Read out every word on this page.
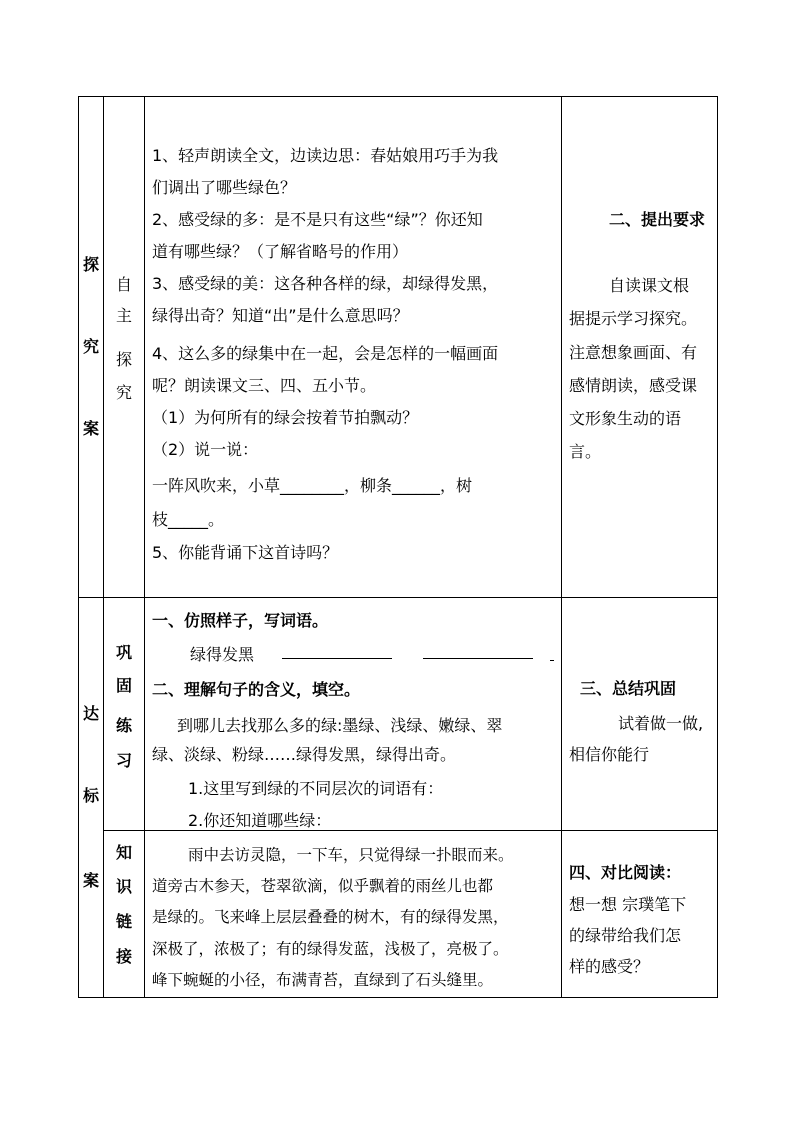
探
究
案
自
主
探
究
1、轻声朗读全文，边读边思：春姑娘用巧手为我
们调出了哪些绿色？
2、感受绿的多：是不是只有这些“绿”？你还知
道有哪些绿？（了解省略号的作用）
3、感受绿的美：这各种各样的绿，却绿得发黑，
绿得出奇？知道“出”是什么意思吗？
4、这么多的绿集中在一起，会是怎样的一幅画面
呢？朗读课文三、四、五小节。
（1）为何所有的绿会按着节拍飘动？
（2）说一说：
一阵风吹来，小草________，柳条______，树
枝_____。
5、你能背诵下这首诗吗？
二、提出要求
自读课文根
据提示学习探究。
注意想象画面、有
感情朗读，感受课
文形象生动的语
言。
达
标
案
巩
固
练
习
一、仿照样子，写词语。
绿得发黑
二、理解句子的含义，填空。
到哪儿去找那么多的绿:墨绿、浅绿、嫩绿、翠
绿、淡绿、粉绿……绿得发黑，绿得出奇。
1.这里写到绿的不同层次的词语有：
2.你还知道哪些绿：
三、总结巩固
试着做一做,
相信你能行
知
识
链
接
雨中去访灵隐，一下车，只觉得绿一扑眼而来。
道旁古木参天，苍翠欲滴，似乎飘着的雨丝儿也都
是绿的。飞来峰上层层叠叠的树木，有的绿得发黑，
深极了，浓极了；有的绿得发蓝，浅极了，亮极了。
峰下蜿蜒的小径，布满青苔，直绿到了石头缝里。
四、对比阅读：
想一想 宗璞笔下
的绿带给我们怎
样的感受？
